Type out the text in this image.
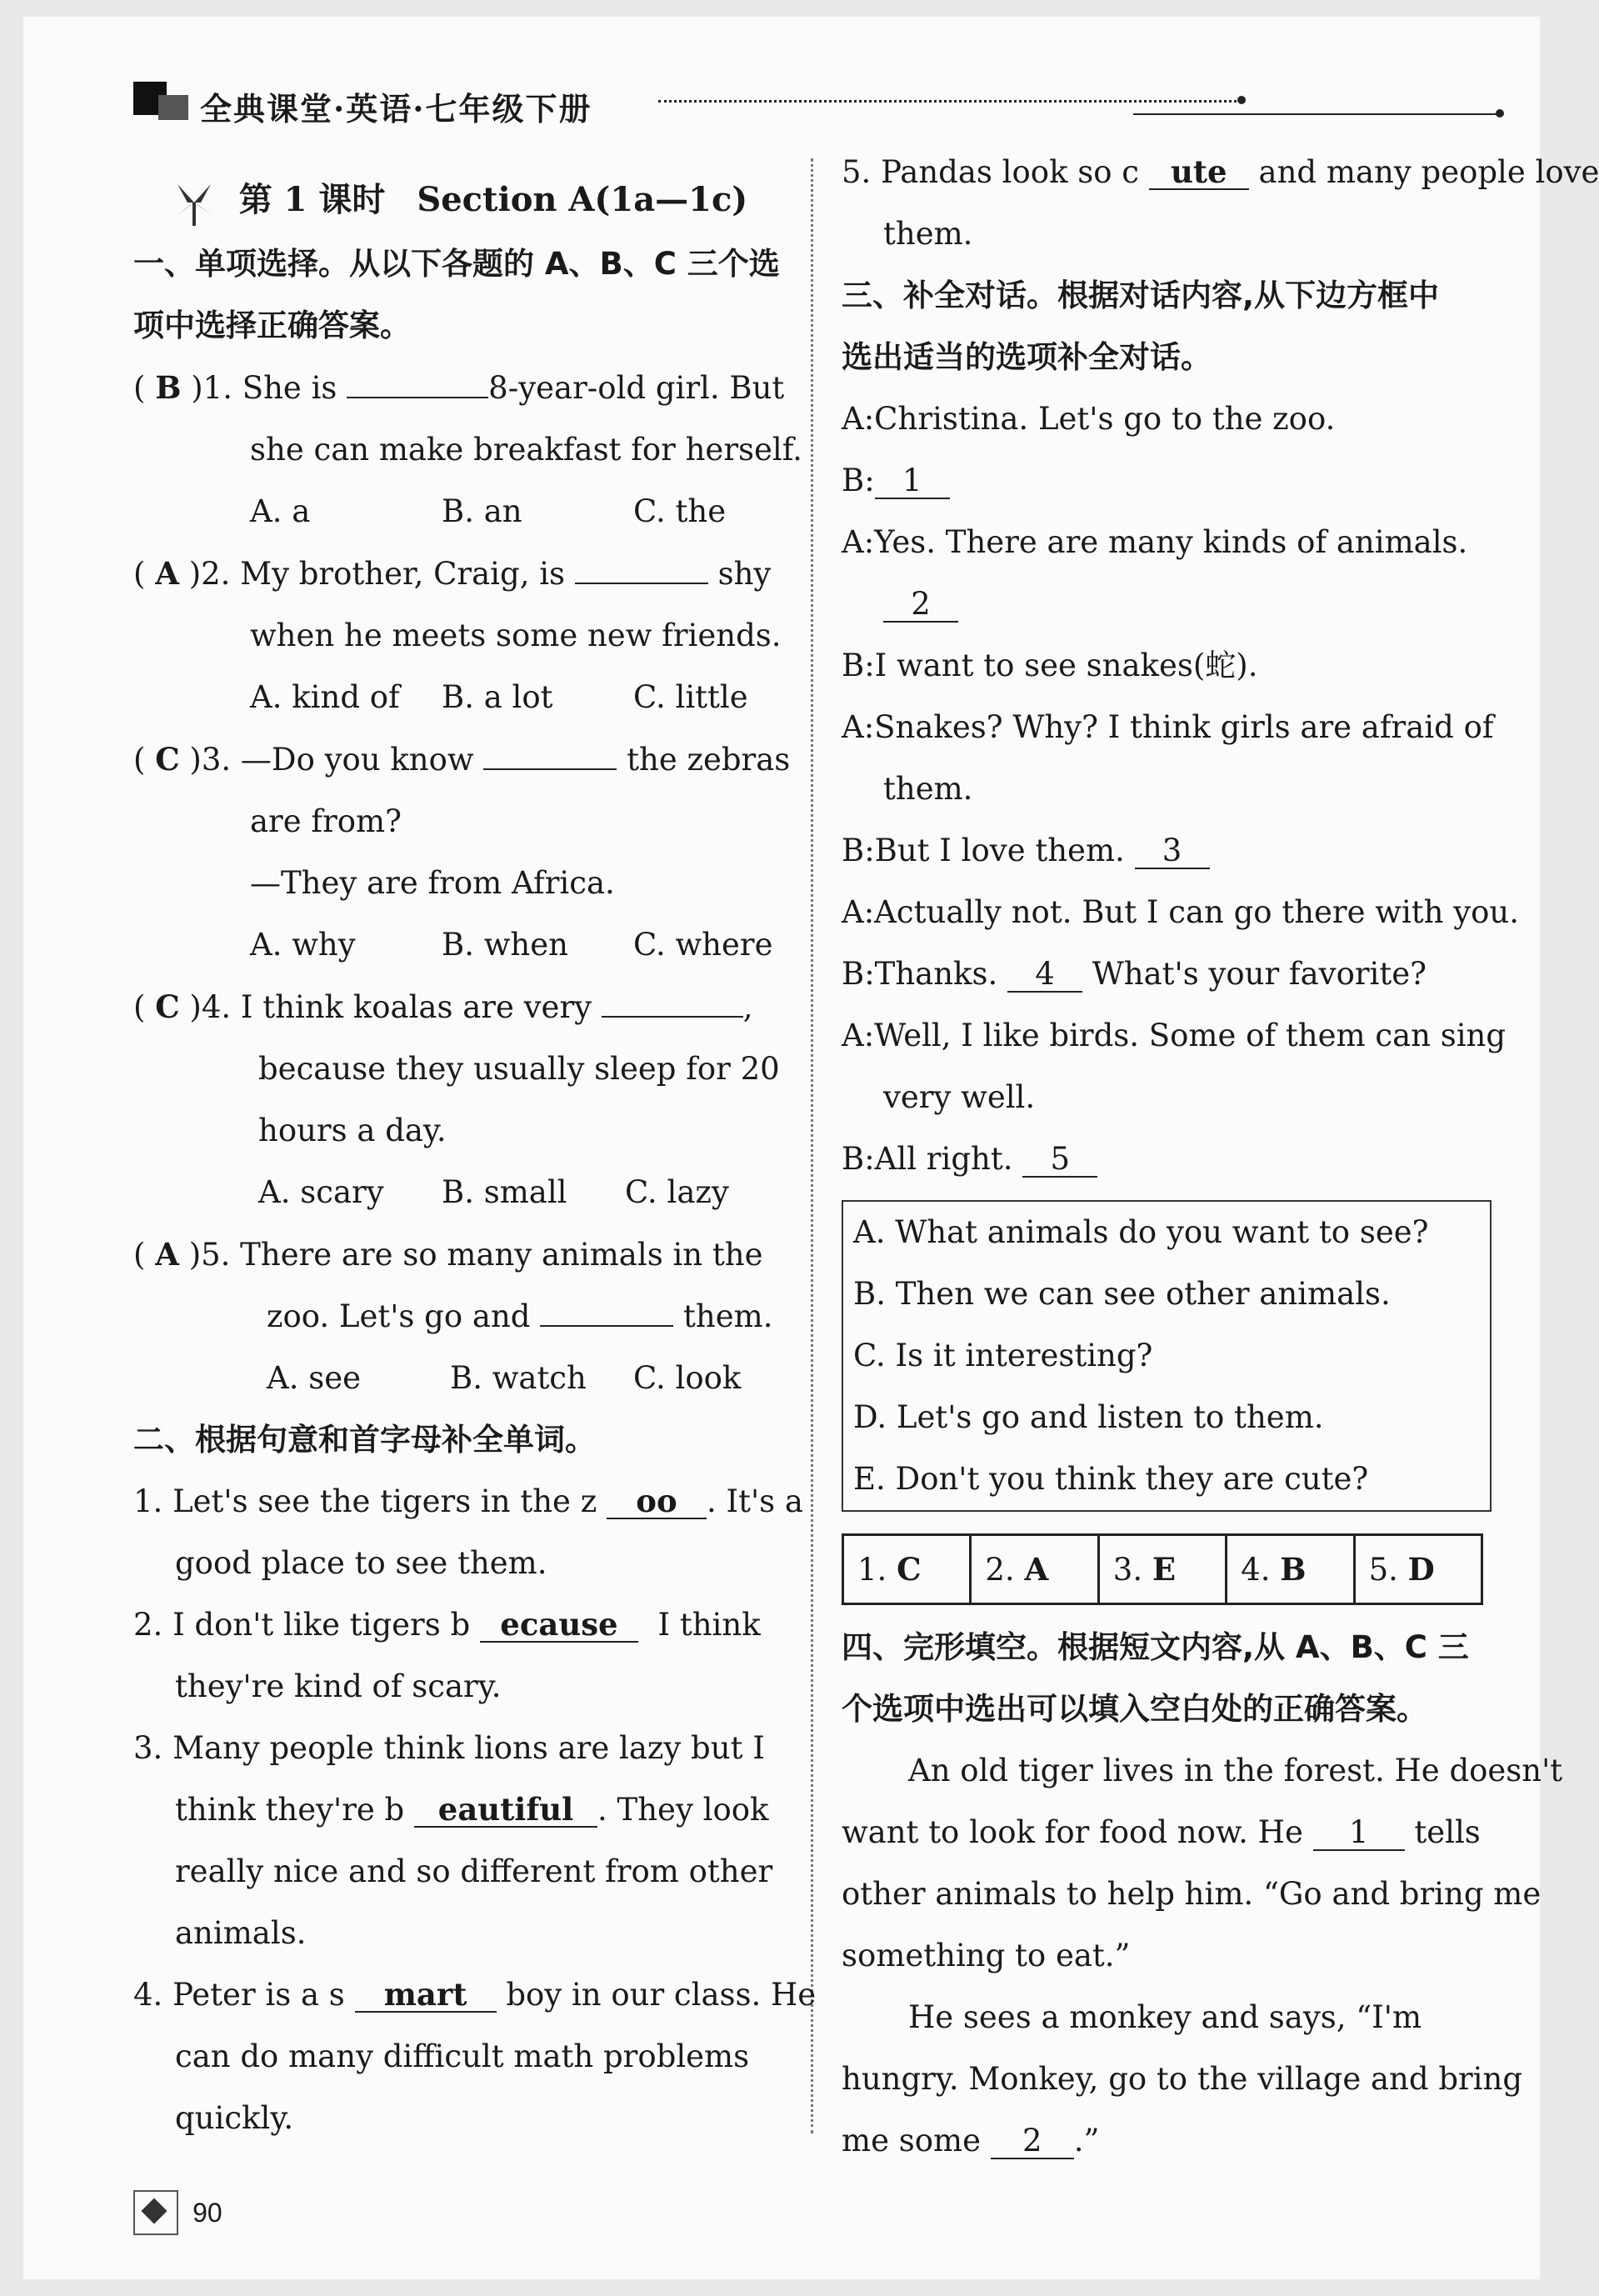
全典课堂·英语·七年级下册
第 1 课时 Section A(1a—1c)
一、单项选择。从以下各题的 A、B、C 三个选
项中选择正确答案。
( B )1. She is	8-year-old girl. But
she can make breakfast for herself.
A. a	B. an	C. the
( A )2. My brother, Craig, is	shy
when he meets some new friends.
A. kind of B. a lot	C. little
( C )3. —Do you know	the zebras
are from?
—They are from Africa.
A. why	B. when C. where
( C )4. I think koalas are very	,
because they usually sleep for 20
hours a day.
A. scary B. small C. lazy
( A )5. There are so many animals in the
zoo. Let's go and	them.
A. see	B. watch C. look
二、根据句意和首字母补全单词。
1. Let's see the tigers in the z oo . It's a
good place to see them.
2. I don't like tigers b ecause I think
they're kind of scary.
3. Many people think lions are lazy but I
think they're b eautiful . They look
really nice and so different from other
animals.
4. Peter is a s mart boy in our class. He
can do many difficult math problems
quickly.
5. Pandas look so c ute and many people love
them.
三、补全对话。根据对话内容,从下边方框中
选出适当的选项补全对话。
A:Christina. Let's go to the zoo.
B: 1
A:Yes. There are many kinds of animals.
2
B:I want to see snakes(蛇).
A:Snakes? Why? I think girls are afraid of
them.
B:But I love them. 3
A:Actually not. But I can go there with you.
B:Thanks. 4 What's your favorite?
A:Well, I like birds. Some of them can sing
very well.
B:All right. 5
A. What animals do you want to see?
B. Then we can see other animals.
C. Is it interesting?
D. Let's go and listen to them.
E. Don't you think they are cute?
1. C	2. A	3. E	4. B	5. D
四、完形填空。根据短文内容,从 A、B、C 三
个选项中选出可以填入空白处的正确答案。
An old tiger lives in the forest. He doesn't
want to look for food now. He 1 tells
other animals to help him. “Go and bring me
something to eat.”
He sees a monkey and says, “I'm
hungry. Monkey, go to the village and bring
me some 2 .”
90
